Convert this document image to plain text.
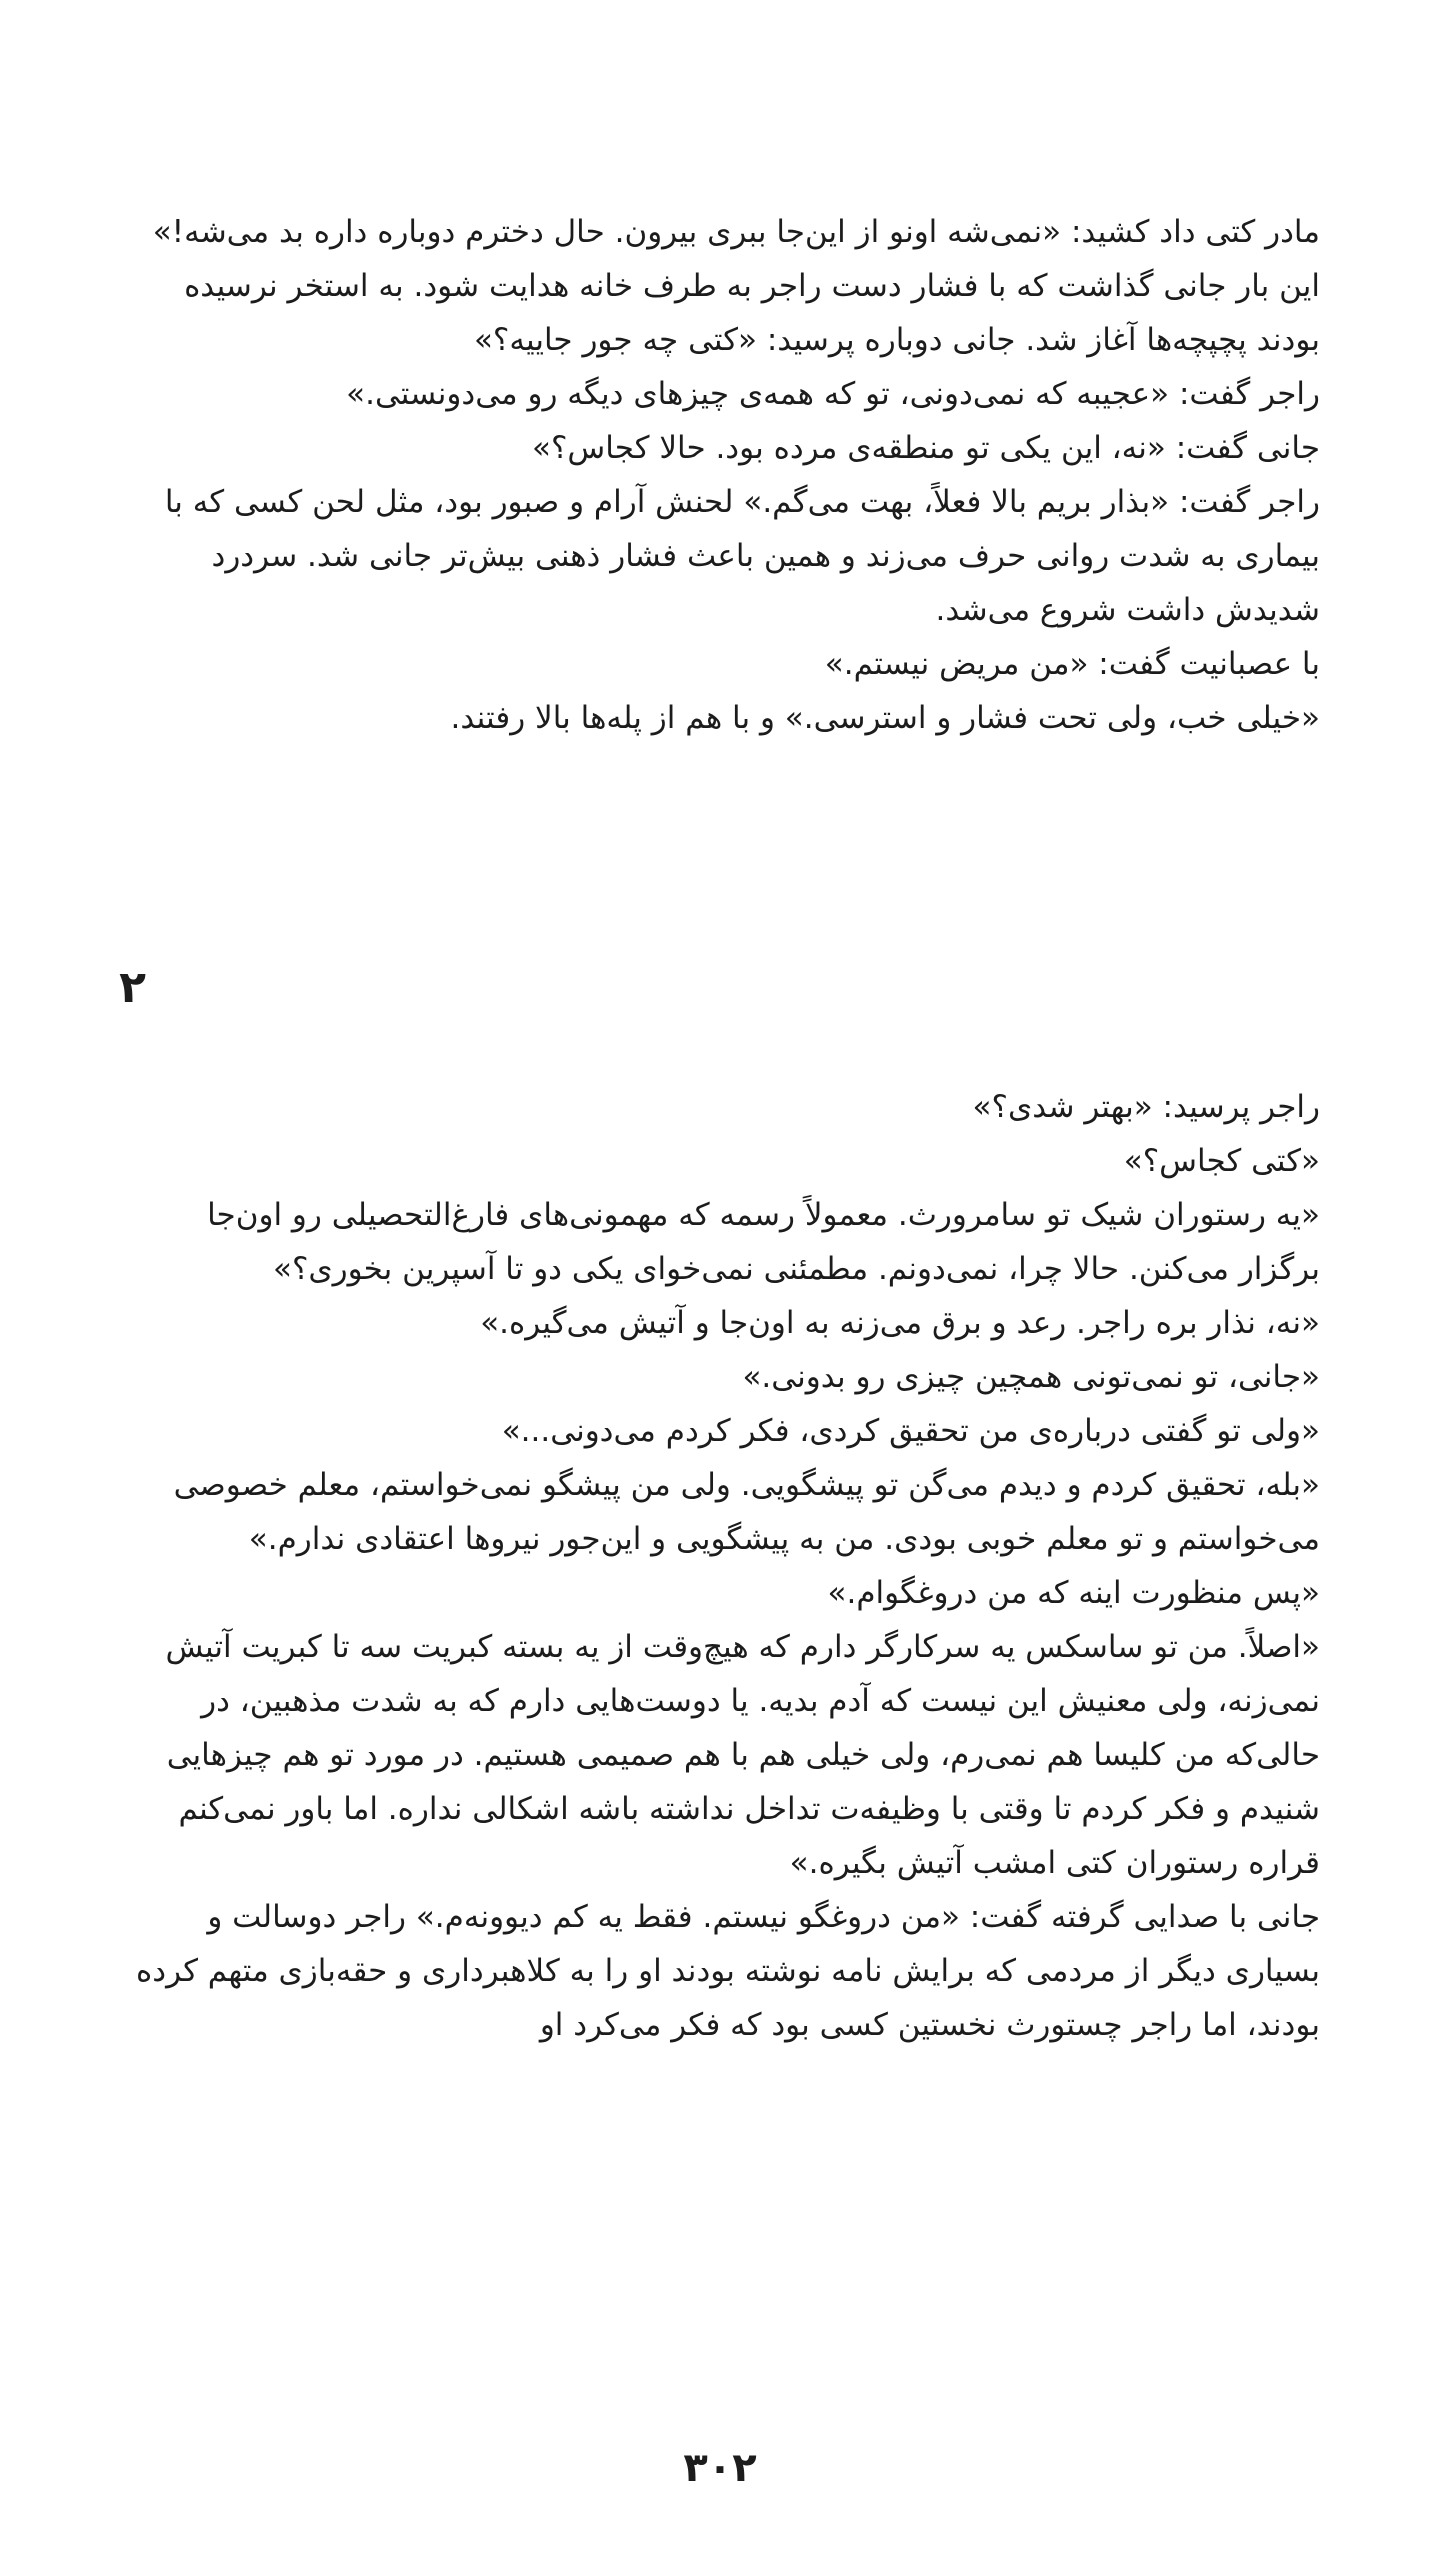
مادر کتی داد کشید: «نمی‌شه اونو از این‌جا ببری بیرون. حال دخترم دوباره داره بد می‌شه!»

این بار جانی گذاشت که با فشار دست راجر به طرف خانه هدایت شود. به استخر نرسیده بودند پچپچه‌ها آغاز شد. جانی دوباره پرسید: «کتی چه جور جاییه؟»

راجر گفت: «عجیبه که نمی‌دونی، تو که همه‌ی چیزهای دیگه رو می‌دونستی.»

جانی گفت: «نه، این یکی تو منطقه‌ی مرده بود. حالا کجاس؟»

راجر گفت: «بذار بریم بالا فعلاً، بهت می‌گم.» لحنش آرام و صبور بود، مثل لحن کسی که با بیماری به شدت روانی حرف می‌زند و همین باعث فشار ذهنی بیش‌تر جانی شد. سردرد شدیدش داشت شروع می‌شد.

با عصبانیت گفت: «من مریض نیستم.»

«خیلی خب، ولی تحت فشار و استرسی.» و با هم از پله‌ها بالا رفتند.

۲

راجر پرسید: «بهتر شدی؟»

«کتی کجاس؟»

«یه رستوران شیک تو سامرورث. معمولاً رسمه که مهمونی‌های فارغ‌التحصیلی رو اون‌جا برگزار می‌کنن. حالا چرا، نمی‌دونم. مطمئنی نمی‌خوای یکی دو تا آسپرین بخوری؟»

«نه، نذار بره راجر. رعد و برق می‌زنه به اون‌جا و آتیش می‌گیره.»

«جانی، تو نمی‌تونی همچین چیزی رو بدونی.»

«ولی تو گفتی درباره‌ی من تحقیق کردی، فکر کردم می‌دونی...»

«بله، تحقیق کردم و دیدم می‌گن تو پیشگویی. ولی من پیشگو نمی‌خواستم، معلم خصوصی می‌خواستم و تو معلم خوبی بودی. من به پیشگویی و این‌جور نیروها اعتقادی ندارم.»

«پس منظورت اینه که من دروغگوام.»

«اصلاً. من تو ساسکس یه سرکارگر دارم که هیچ‌وقت از یه بسته کبریت سه تا کبریت آتیش نمی‌زنه، ولی معنیش این نیست که آدم بدیه. یا دوست‌هایی دارم که به شدت مذهبین، در حالی‌که من کلیسا هم نمی‌رم، ولی خیلی هم با هم صمیمی هستیم. در مورد تو هم چیزهایی شنیدم و فکر کردم تا وقتی با وظیفه‌ت تداخل نداشته باشه اشکالی نداره. اما باور نمی‌کنم قراره رستوران کتی امشب آتیش بگیره.»

جانی با صدایی گرفته گفت: «من دروغگو نیستم. فقط یه کم دیوونه‌م.» راجر دوسالت و بسیاری دیگر از مردمی که برایش نامه نوشته بودند او را به کلاهبرداری و حقه‌بازی متهم کرده بودند، اما راجر چستورث نخستین کسی بود که فکر می‌کرد او

۳۰۲
